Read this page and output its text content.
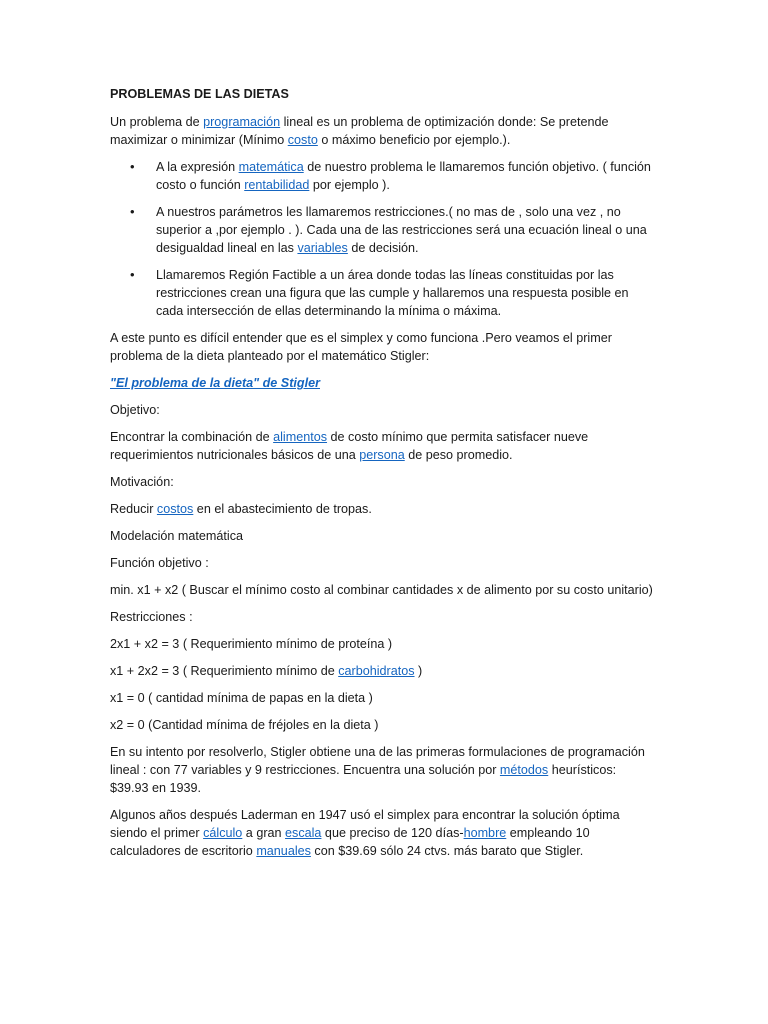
PROBLEMAS DE LAS DIETAS

Un problema de programación lineal es un problema de optimización donde: Se pretende maximizar o minimizar (Mínimo costo o máximo beneficio por ejemplo.).

• A la expresión matemática de nuestro problema le llamaremos función objetivo. ( función costo o función rentabilidad por ejemplo ).
• A nuestros parámetros les llamaremos restricciones.( no mas de , solo una vez , no superior a ,por ejemplo . ). Cada una de las restricciones será una ecuación lineal o una desigualdad lineal en las variables de decisión.
• Llamaremos Región Factible a un área donde todas las líneas constituidas por las restricciones crean una figura que las cumple y hallaremos una respuesta posible en cada intersección de ellas determinando la mínima o máxima.

A este punto es difícil entender que es el simplex y como funciona .Pero veamos el primer problema de la dieta planteado por el matemático Stigler:

"El problema de la dieta" de Stigler

Objetivo:

Encontrar la combinación de alimentos de costo mínimo que permita satisfacer nueve requerimientos nutricionales básicos de una persona de peso promedio.

Motivación:

Reducir costos en el abastecimiento de tropas.

Modelación matemática

Función objetivo :

min. x1 + x2 ( Buscar el mínimo costo al combinar cantidades x de alimento por su costo unitario)

Restricciones :

2x1 + x2 = 3 ( Requerimiento mínimo de proteína )

x1 + 2x2 = 3 ( Requerimiento mínimo de carbohidratos )

x1 = 0 ( cantidad mínima de papas en la dieta )

x2 = 0 (Cantidad mínima de fréjoles en la dieta )

En su intento por resolverlo, Stigler obtiene una de las primeras formulaciones de programación lineal : con 77 variables y 9 restricciones. Encuentra una solución por métodos heurísticos: $39.93 en 1939.

Algunos años después Laderman en 1947 usó el simplex para encontrar la solución óptima siendo el primer cálculo a gran escala que preciso de 120 días-hombre empleando 10 calculadores de escritorio manuales con $39.69 sólo 24 ctvs. más barato que Stigler.
